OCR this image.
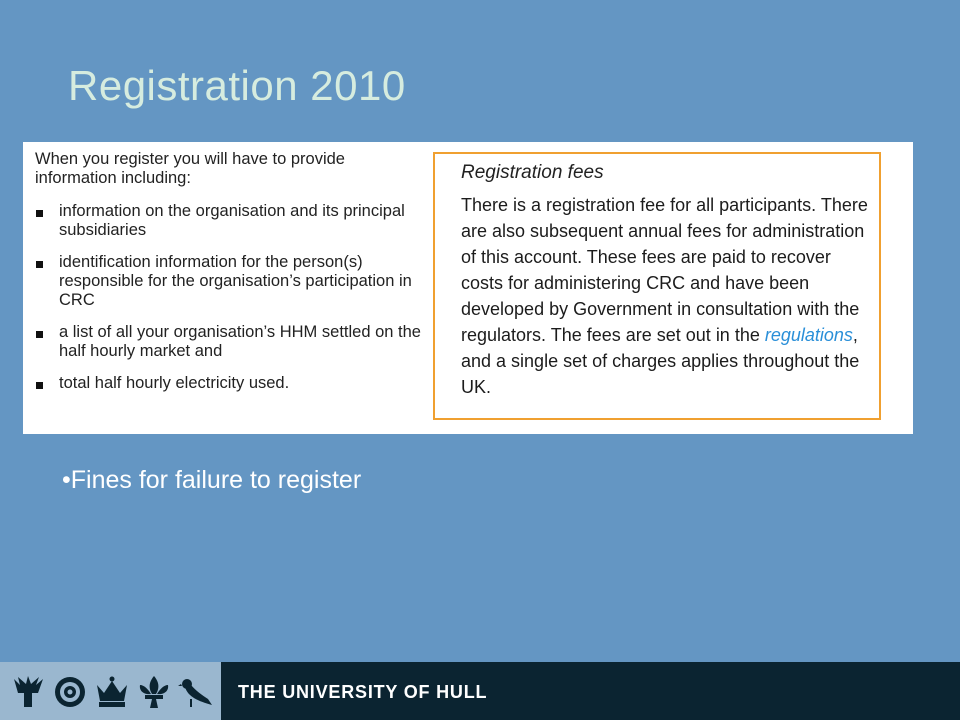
Registration 2010

When you register you will have to provide information including:

information on the organisation and its principal subsidiaries
identification information for the person(s) responsible for the organisation’s participation in CRC
a list of all your organisation’s HHM settled on the half hourly market and
total half hourly electricity used.
Registration fees
There is a registration fee for all participants. There are also subsequent annual fees for administration of this account. These fees are paid to recover costs for administering CRC and have been developed by Government in consultation with the regulators. The fees are set out in the regulations, and a single set of charges applies throughout the UK.
•Fines for failure to register
THE UNIVERSITY OF HULL
